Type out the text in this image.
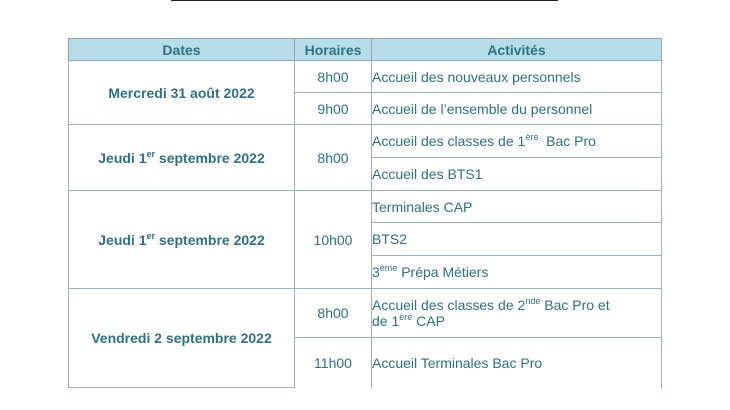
Dates	Horaires	Activités
Mercredi 31 août 2022	8h00	Accueil des nouveaux personnels
	9h00	Accueil de l’ensemble du personnel
Jeudi 1er septembre 2022	8h00	Accueil des classes de 1ère  Bac Pro
		Accueil des BTS1
Jeudi 1er septembre 2022	10h00	Terminales CAP
		BTS2
		3ème Prépa Métiers
Vendredi 2 septembre 2022	8h00	Accueil des classes de 2nde Bac Pro et
de 1ère CAP

	11h00	Accueil Terminales Bac Pro
